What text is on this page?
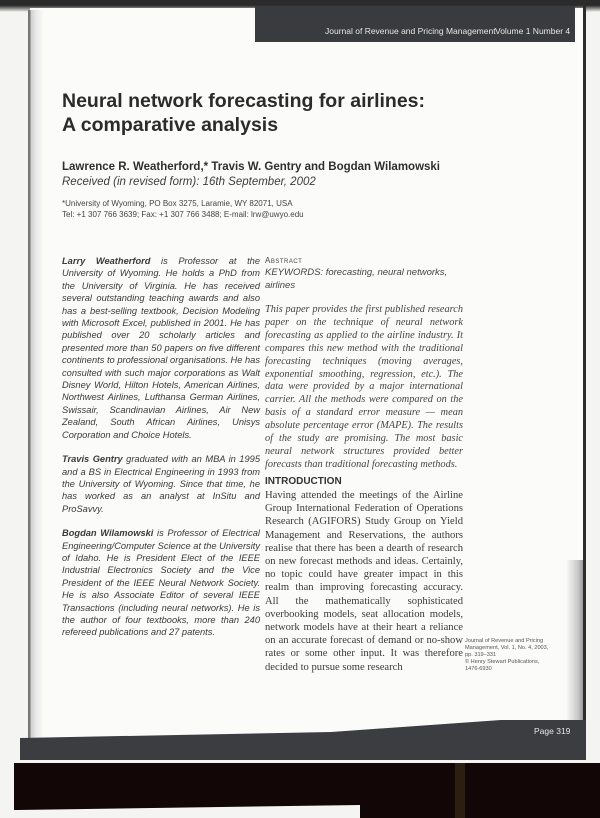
Journal of Revenue and Pricing Management Volume 1 Number 4
Neural network forecasting for airlines:
A comparative analysis
Lawrence R. Weatherford,* Travis W. Gentry and Bogdan Wilamowski
Received (in revised form): 16th September, 2002
*University of Wyoming, PO Box 3275, Laramie, WY 82071, USA
Tel: +1 307 766 3639; Fax: +1 307 766 3488; E-mail: lrw@uwyo.edu

Larry Weatherford is Professor at the University of Wyoming. He holds a PhD from the University of Virginia. He has received several outstanding teaching awards and also has a best-selling textbook, Decision Modeling with Microsoft Excel, published in 2001. He has published over 20 scholarly articles and presented more than 50 papers on five different continents to professional organisations. He has consulted with such major corporations as Walt Disney World, Hilton Hotels, American Airlines, Northwest Airlines, Lufthansa German Airlines, Swissair, Scandinavian Airlines, Air New Zealand, South African Airlines, Unisys Corporation and Choice Hotels.

Travis Gentry graduated with an MBA in 1995 and a BS in Electrical Engineering in 1993 from the University of Wyoming. Since that time, he has worked as an analyst at InSitu and ProSavvy.

Bogdan Wilamowski is Professor of Electrical Engineering/Computer Science at the University of Idaho. He is President Elect of the IEEE Industrial Electronics Society and the Vice President of the IEEE Neural Network Society. He is also Associate Editor of several IEEE Transactions (including neural networks). He is the author of four textbooks, more than 240 refereed publications and 27 patents.

Abstract
KEYWORDS: forecasting, neural networks, airlines
This paper provides the first published research paper on the technique of neural network forecasting as applied to the airline industry. It compares this new method with the traditional forecasting techniques (moving averages, exponential smoothing, regression, etc.). The data were provided by a major international carrier. All the methods were compared on the basis of a standard error measure — mean absolute percentage error (MAPE). The results of the study are promising. The most basic neural network structures provided better forecasts than traditional forecasting methods.
INTRODUCTION
Having attended the meetings of the Airline Group International Federation of Operations Research (AGIFORS) Study Group on Yield Management and Reservations, the authors realise that there has been a dearth of research on new forecast methods and ideas. Certainly, no topic could have greater impact in this realm than improving forecasting accuracy. All the mathematically sophisticated overbooking models, seat allocation models, network models have at their heart a reliance on an accurate forecast of demand or no-show rates or some other input. It was therefore decided to pursue some research
Journal of Revenue and Pricing
Management, Vol. 1, No. 4, 2003,
pp. 319–331
© Henry Stewart Publications,
1476-6930
Page 319
